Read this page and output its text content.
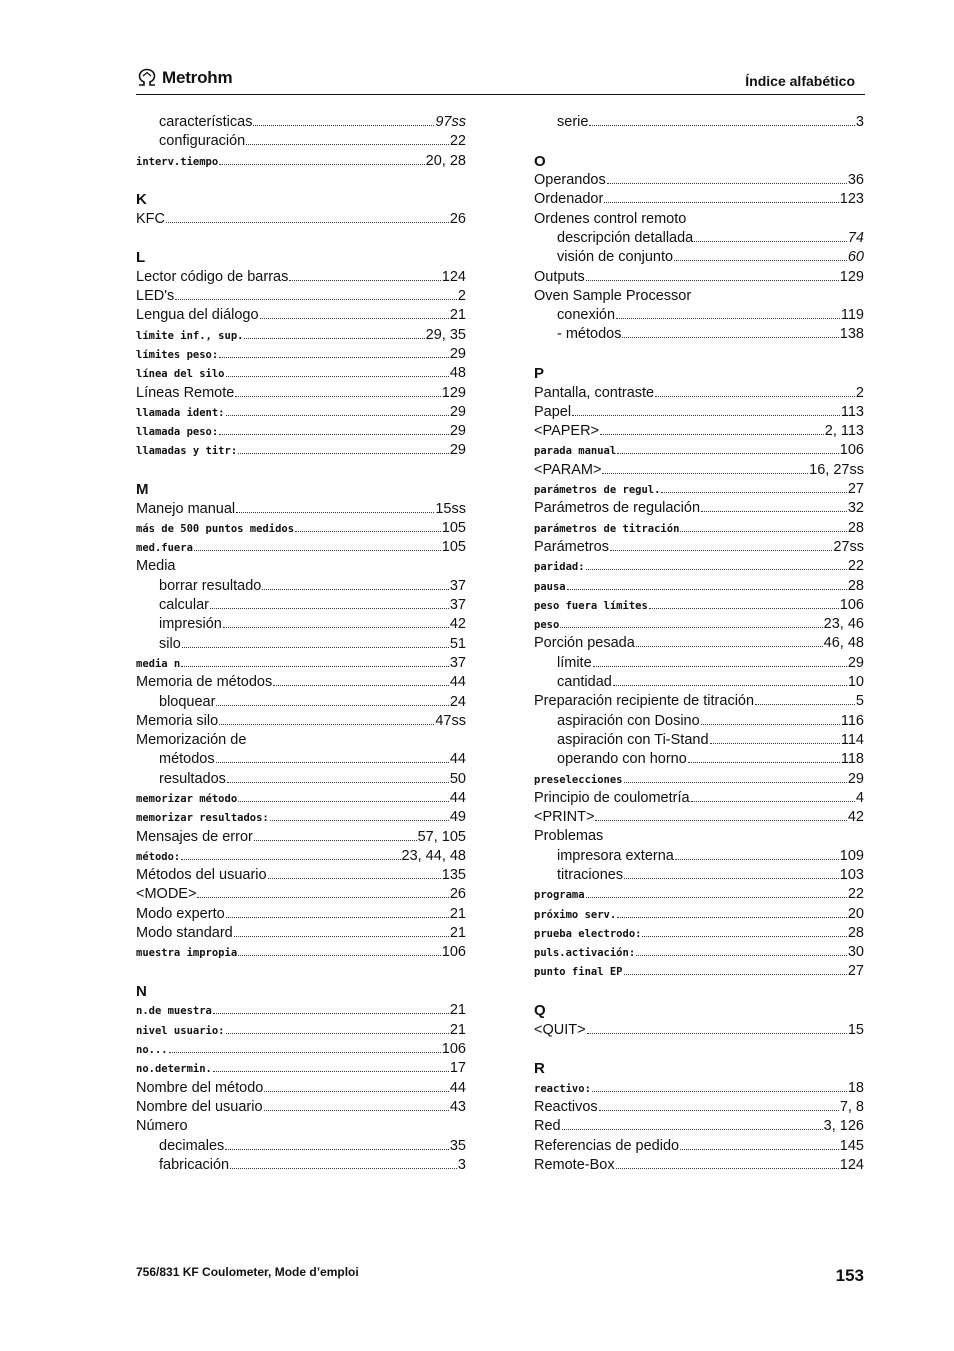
Metrohm	Índice alfabético
características	97ss
configuración	22
interv.tiempo	20, 28
K
KFC	26
L
Lector código de barras	124
LED's	2
Lengua del diálogo	21
límite inf., sup.	29, 35
límites peso:	29
línea del silo	48
Líneas Remote	129
llamada ident:	29
llamada peso:	29
llamadas y titr:	29
M
Manejo manual	15ss
más de 500 puntos medidos	105
med.fuera	105
Media
borrar resultado	37
calcular	37
impresión	42
silo	51
media n	37
Memoria de métodos	44
bloquear	24
Memoria silo	47ss
Memorización de
métodos	44
resultados	50
memorizar método	44
memorizar resultados:	49
Mensajes de error	57, 105
método:	23, 44, 48
Métodos del usuario	135
<MODE>	26
Modo experto	21
Modo standard	21
muestra impropia	106
N
n.de muestra	21
nivel usuario:	21
no...	106
no.determin.	17
Nombre del método	44
Nombre del usuario	43
Número
decimales	35
fabricación	3
serie	3
O
Operandos	36
Ordenador	123
Ordenes control remoto
descripción detallada	74
visión de conjunto	60
Outputs	129
Oven Sample Processor
conexión	119
- métodos	138
P
Pantalla, contraste	2
Papel	113
<PAPER>	2, 113
parada manual	106
<PARAM>	16, 27ss
parámetros de regul.	27
Parámetros de regulación	32
parámetros de titración	28
Parámetros	27ss
paridad:	22
pausa	28
peso fuera límites	106
peso	23, 46
Porción pesada	46, 48
límite	29
cantidad	10
Preparación recipiente de titración	5
aspiración con Dosino	116
aspiración con Ti-Stand	114
operando con horno	118
preselecciones	29
Principio de coulometría	4
<PRINT>	42
Problemas
impresora externa	109
titraciones	103
programa	22
próximo serv.	20
prueba electrodo:	28
puls.activación:	30
punto final EP	27
Q
<QUIT>	15
R
reactivo:	18
Reactivos	7, 8
Red	3, 126
Referencias de pedido	145
Remote-Box	124
756/831 KF Coulometer, Mode d’emploi	153
